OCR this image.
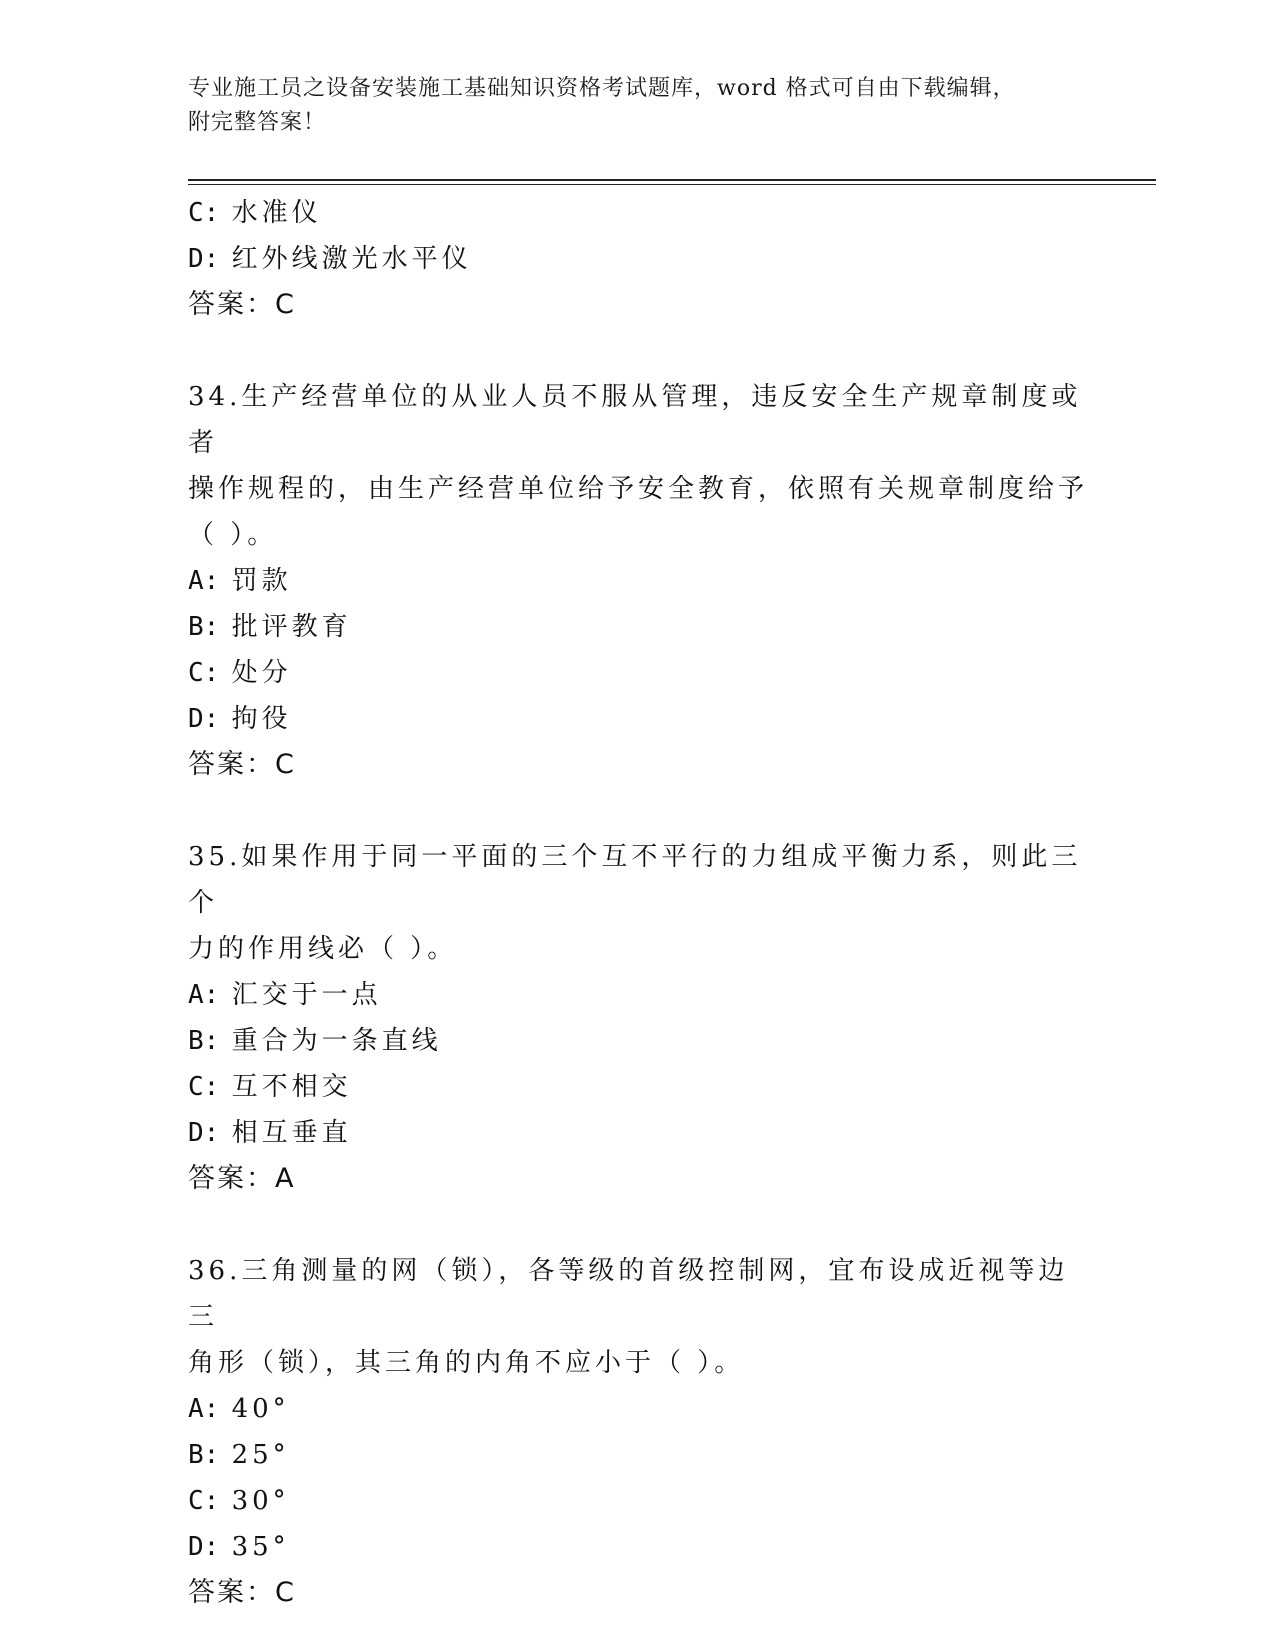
专业施工员之设备安装施工基础知识资格考试题库，word 格式可自由下载编辑，
附完整答案！
C: 水准仪
D: 红外线激光水平仪
答案：C
34.生产经营单位的从业人员不服从管理，违反安全生产规章制度或者
操作规程的，由生产经营单位给予安全教育，依照有关规章制度给予
（ ）。
A: 罚款
B: 批评教育
C: 处分
D: 拘役
答案：C
35.如果作用于同一平面的三个互不平行的力组成平衡力系，则此三个
力的作用线必（ ）。
A: 汇交于一点
B: 重合为一条直线
C: 互不相交
D: 相互垂直
答案：A
36.三角测量的网（锁），各等级的首级控制网，宜布设成近视等边三
角形（锁），其三角的内角不应小于（ ）。
A: 40°
B: 25°
C: 30°
D: 35°
答案：C
